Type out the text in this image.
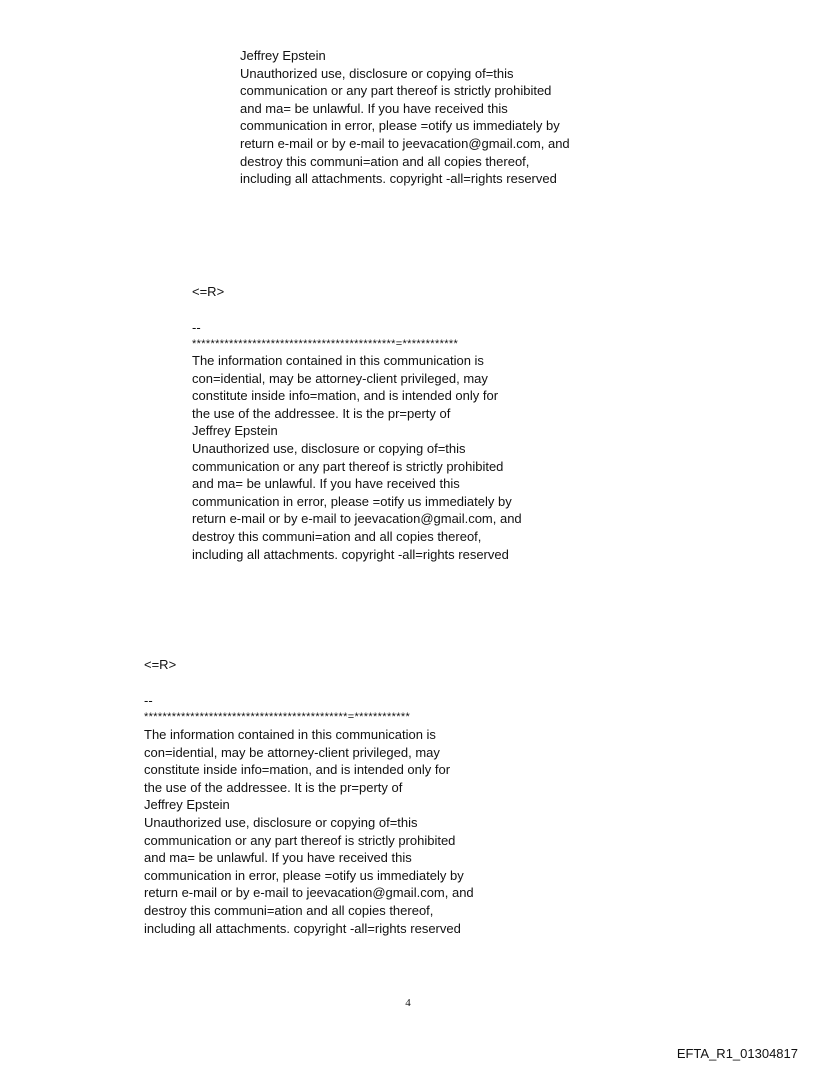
Jeffrey Epstein
Unauthorized use, disclosure or copying of=this
communication or any part thereof is strictly prohibited
and ma= be unlawful. If you have received this
communication in error, please =otify us immediately by
return e-mail or by e-mail to jeevacation@gmail.com, and
destroy this communi=ation and all copies thereof,
including all attachments. copyright -all=rights reserved
<=R>
--
********************************************=************
The information contained in this communication is
con=idential, may be attorney-client privileged, may
constitute inside info=mation, and is intended only for
the use of the addressee. It is the pr=perty of
Jeffrey Epstein
Unauthorized use, disclosure or copying of=this
communication or any part thereof is strictly prohibited
and ma= be unlawful. If you have received this
communication in error, please =otify us immediately by
return e-mail or by e-mail to jeevacation@gmail.com, and
destroy this communi=ation and all copies thereof,
including all attachments. copyright -all=rights reserved
<=R>
--
********************************************=************
The information contained in this communication is
con=idential, may be attorney-client privileged, may
constitute inside info=mation, and is intended only for
the use of the addressee. It is the pr=perty of
Jeffrey Epstein
Unauthorized use, disclosure or copying of=this
communication or any part thereof is strictly prohibited
and ma= be unlawful. If you have received this
communication in error, please =otify us immediately by
return e-mail or by e-mail to jeevacation@gmail.com, and
destroy this communi=ation and all copies thereof,
including all attachments. copyright -all=rights reserved
4
EFTA_R1_01304817
